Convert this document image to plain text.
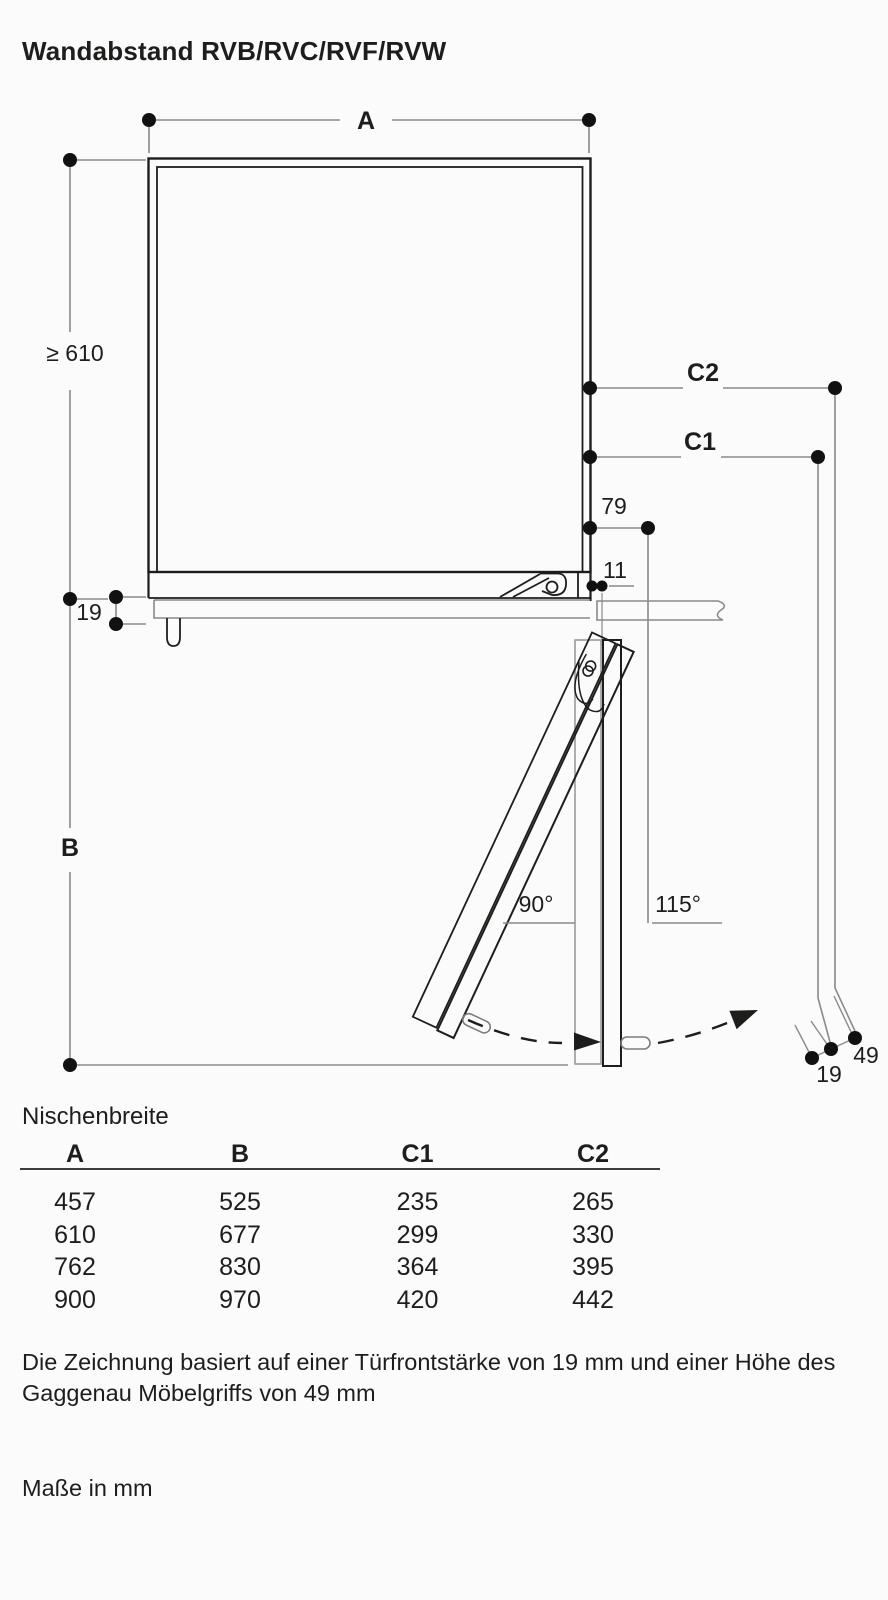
Wandabstand RVB/RVC/RVF/RVW
A
≥ 610
B
19
C2
C1
79
11
90°	115°
19
49
Nischenbreite
A	B	C1	C2
457	525	235	265
610	677	299	330
762	830	364	395
900	970	420	442

Die Zeichnung basiert auf einer Türfrontstärke von 19 mm und einer Höhe des Gaggenau Möbelgriffs von 49 mm

Maße in mm
